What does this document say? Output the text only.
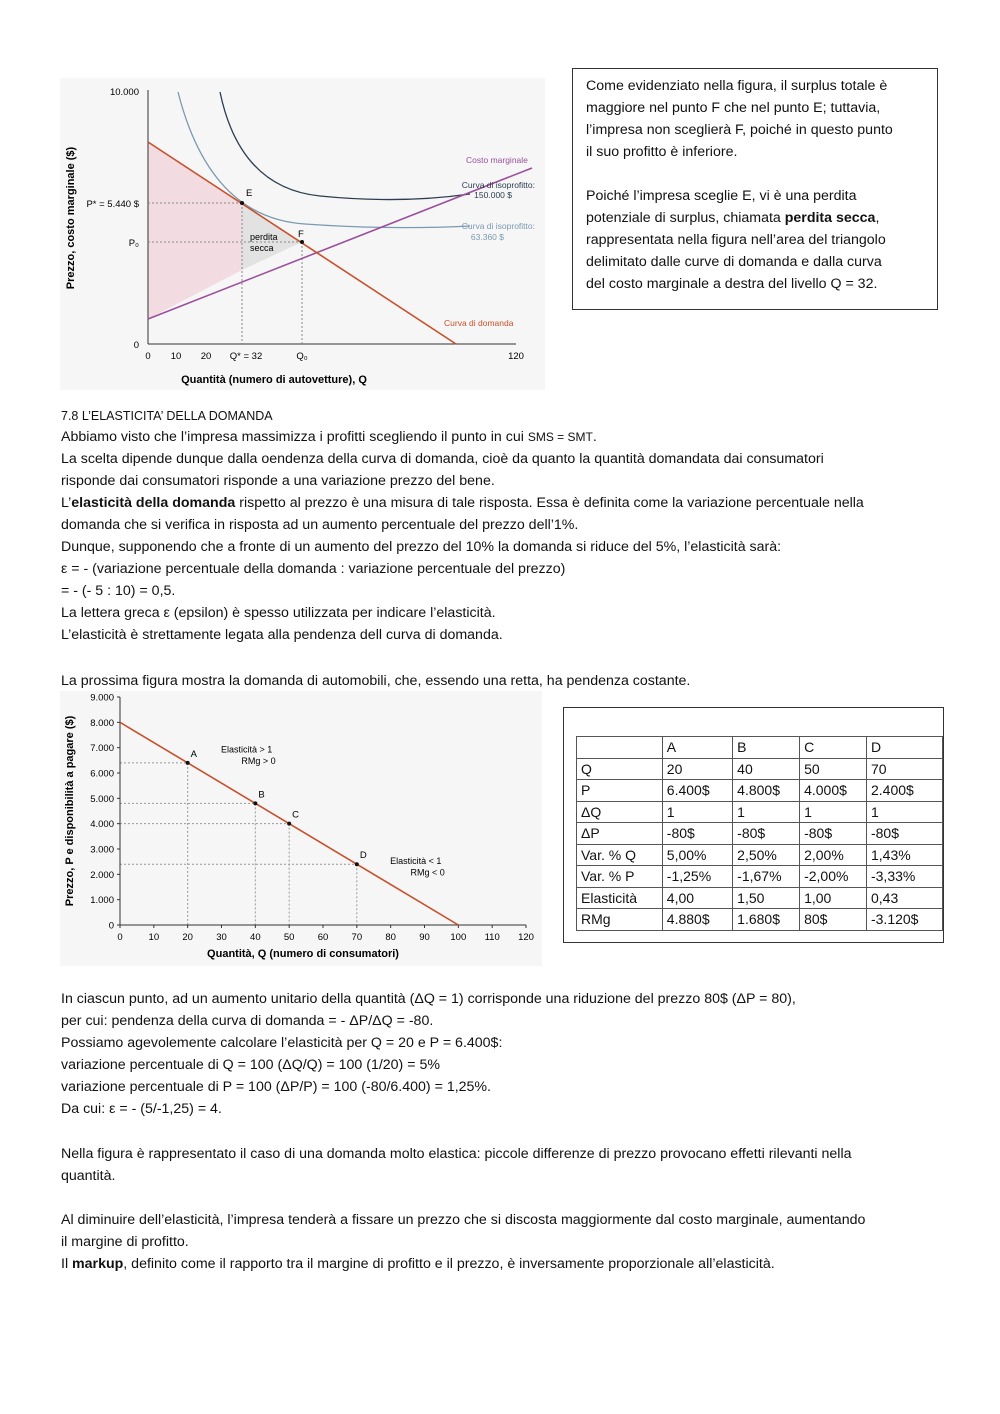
10.000
P* = 5.440 $
P₀
0
0 10 20 Q* = 32	Q₀	120
Quantità (numero di autovetture), Q
Prezzo, costo marginale ($)	E
F
perdita
secca
Costo marginale
Curva di isoprofitto:
150.000 $
Curva di isoprofitto:
63.360 $
Curva di domanda
Come evidenziato nella figura, il surplus totale è
maggiore nel punto F che nel punto E; tuttavia,
l’impresa non sceglierà F, poiché in questo punto
il suo profitto è inferiore.
Poiché l’impresa sceglie E, vi è una perdita
potenziale di surplus, chiamata perdita secca,
rappresentata nella figura nell’area del triangolo
delimitato dalle curve di domanda e dalla curva
del costo marginale a destra del livello Q = 32.
7.8 L’ELASTICITA’ DELLA DOMANDA
Abbiamo visto che l’impresa massimizza i profitti scegliendo il punto in cui SMS = SMT.
La scelta dipende dunque dalla oendenza della curva di domanda, cioè da quanto la quantità domandata dai consumatori
risponde dai consumatori risponde a una variazione prezzo del bene.
L’elasticità della domanda rispetto al prezzo è una misura di tale risposta. Essa è definita come la variazione percentuale nella
domanda che si verifica in risposta ad un aumento percentuale del prezzo dell’1%.
Dunque, supponendo che a fronte di un aumento del prezzo del 10% la domanda si riduce del 5%, l’elasticità sarà:
ε = - (variazione percentuale della domanda : variazione percentuale del prezzo)
= - (- 5 : 10) = 0,5.
La lettera greca ε (epsilon) è spesso utilizzata per indicare l’elasticità.
L’elasticità è strettamente legata alla pendenza dell curva di domanda.
La prossima figura mostra la domanda di automobili, che, essendo una retta, ha pendenza costante.
0
1.000
2.000
3.000
4.000
5.000
6.000
7.000
8.000
9.000
0	10 20 30 40 50 60 70 80 90 100 110 120
A
B
C
D
Quantità, Q (numero di consumatori)
Prezzo, P e disponibilità a pagare ($)	Elasticità > 1
RMg > 0
Elasticità < 1
RMg < 0
	A	B	C	D
Q	20	40	50	70
P	6.400$	4.800$	4.000$	2.400$
ΔQ	1	1	1	1
ΔP	-80$	-80$	-80$	-80$
Var. % Q	5,00%	2,50%	2,00%	1,43%
Var. % P	-1,25%	-1,67%	-2,00%	-3,33%
Elasticità	4,00	1,50	1,00	0,43
RMg	4.880$	1.680$	80$	-3.120$
In ciascun punto, ad un aumento unitario della quantità (ΔQ = 1) corrisponde una riduzione del prezzo 80$ (ΔP = 80),
per cui: pendenza della curva di domanda = - ΔP/ΔQ = -80.
Possiamo agevolemente calcolare l’elasticità per Q = 20 e P = 6.400$:
variazione percentuale di Q = 100 (ΔQ/Q) = 100 (1/20) = 5%
variazione percentuale di P = 100 (ΔP/P) = 100 (-80/6.400) = 1,25%.
Da cui: ε = - (5/-1,25) = 4.
Nella figura è rappresentato il caso di una domanda molto elastica: piccole differenze di prezzo provocano effetti rilevanti nella
quantità.
Al diminuire dell’elasticità, l’impresa tenderà a fissare un prezzo che si discosta maggiormente dal costo marginale, aumentando
il margine di profitto.
Il markup, definito come il rapporto tra il margine di profitto e il prezzo, è inversamente proporzionale all’elasticità.
